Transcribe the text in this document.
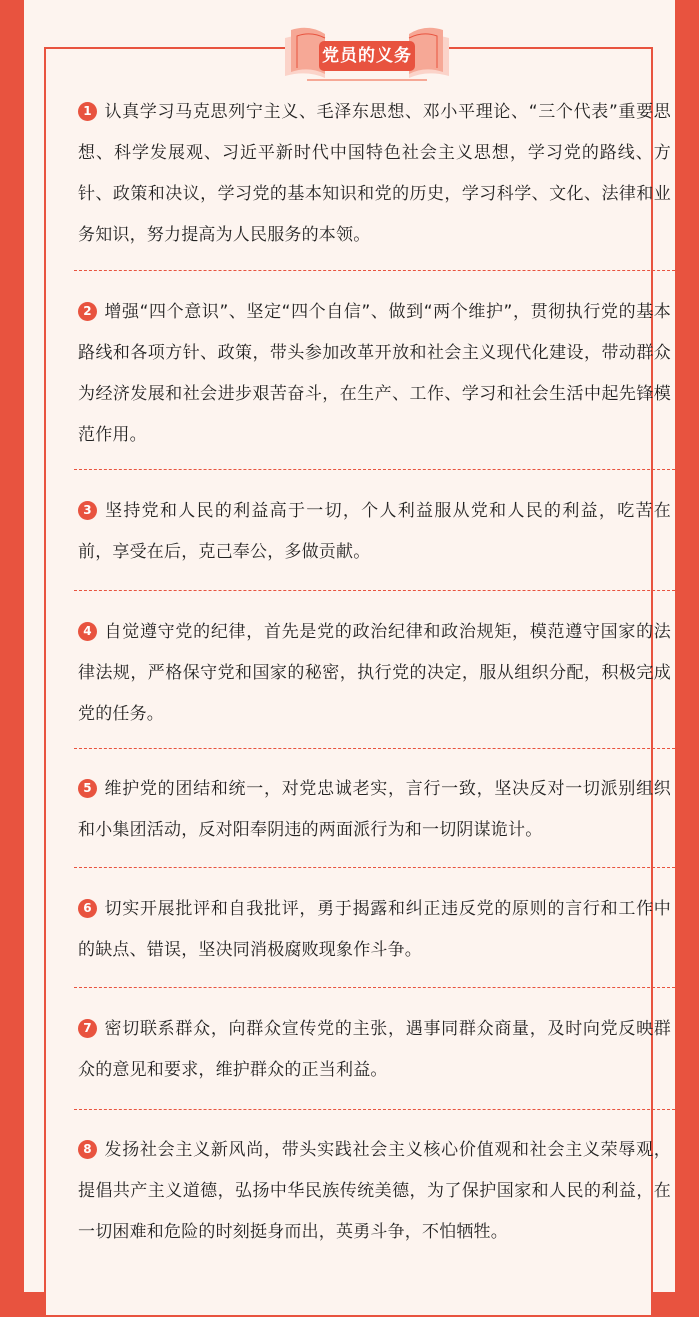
党员的义务

1 认真学习马克思列宁主义、毛泽东思想、邓小平理论、“三个代表”重要思想、科学发展观、习近平新时代中国特色社会主义思想，学习党的路线、方针、政策和决议，学习党的基本知识和党的历史，学习科学、文化、法律和业务知识，努力提高为人民服务的本领。

2 增强“四个意识”、坚定“四个自信”、做到“两个维护”，贯彻执行党的基本路线和各项方针、政策，带头参加改革开放和社会主义现代化建设，带动群众为经济发展和社会进步艰苦奋斗，在生产、工作、学习和社会生活中起先锋模范作用。

3 坚持党和人民的利益高于一切，个人利益服从党和人民的利益，吃苦在前，享受在后，克己奉公，多做贡献。

4 自觉遵守党的纪律，首先是党的政治纪律和政治规矩，模范遵守国家的法律法规，严格保守党和国家的秘密，执行党的决定，服从组织分配，积极完成党的任务。

5 维护党的团结和统一，对党忠诚老实，言行一致，坚决反对一切派别组织和小集团活动，反对阳奉阴违的两面派行为和一切阴谋诡计。

6 切实开展批评和自我批评，勇于揭露和纠正违反党的原则的言行和工作中的缺点、错误，坚决同消极腐败现象作斗争。

7 密切联系群众，向群众宣传党的主张，遇事同群众商量，及时向党反映群众的意见和要求，维护群众的正当利益。

8 发扬社会主义新风尚，带头实践社会主义核心价值观和社会主义荣辱观，提倡共产主义道德，弘扬中华民族传统美德，为了保护国家和人民的利益，在一切困难和危险的时刻挺身而出，英勇斗争，不怕牺牲。
